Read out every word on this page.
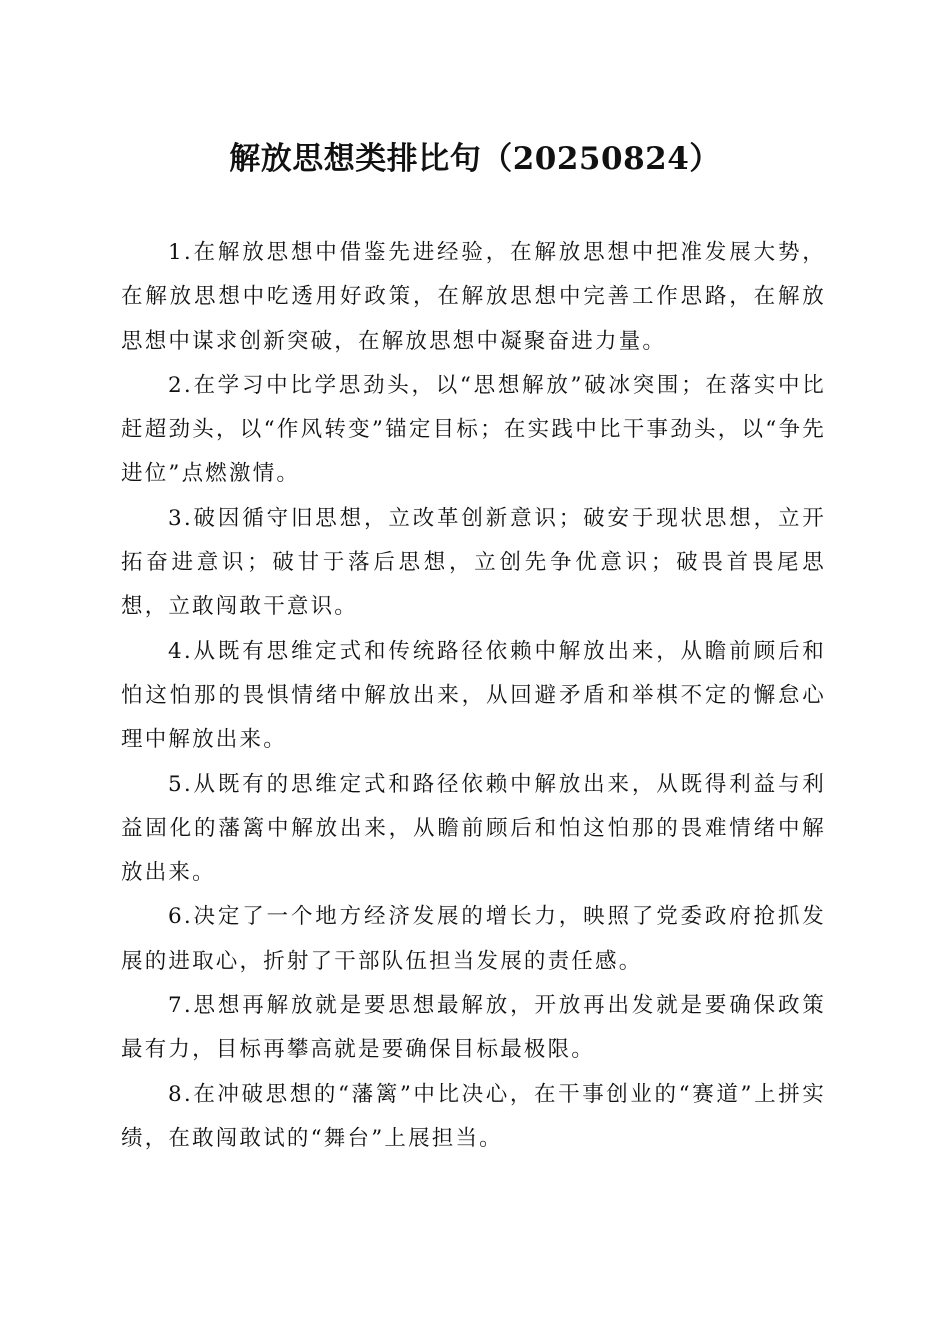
解放思想类排比句（20250824）

1.在解放思想中借鉴先进经验，在解放思想中把准发展大势，在解放思想中吃透用好政策，在解放思想中完善工作思路，在解放思想中谋求创新突破，在解放思想中凝聚奋进力量。

2.在学习中比学思劲头，以“思想解放”破冰突围；在落实中比赶超劲头，以“作风转变”锚定目标；在实践中比干事劲头，以“争先进位”点燃激情。

3.破因循守旧思想，立改革创新意识；破安于现状思想，立开拓奋进意识；破甘于落后思想，立创先争优意识；破畏首畏尾思想，立敢闯敢干意识。

4.从既有思维定式和传统路径依赖中解放出来，从瞻前顾后和怕这怕那的畏惧情绪中解放出来，从回避矛盾和举棋不定的懈怠心理中解放出来。

5.从既有的思维定式和路径依赖中解放出来，从既得利益与利益固化的藩篱中解放出来，从瞻前顾后和怕这怕那的畏难情绪中解放出来。

6.决定了一个地方经济发展的增长力，映照了党委政府抢抓发展的进取心，折射了干部队伍担当发展的责任感。

7.思想再解放就是要思想最解放，开放再出发就是要确保政策最有力，目标再攀高就是要确保目标最极限。

8.在冲破思想的“藩篱”中比决心，在干事创业的“赛道”上拼实绩，在敢闯敢试的“舞台”上展担当。
